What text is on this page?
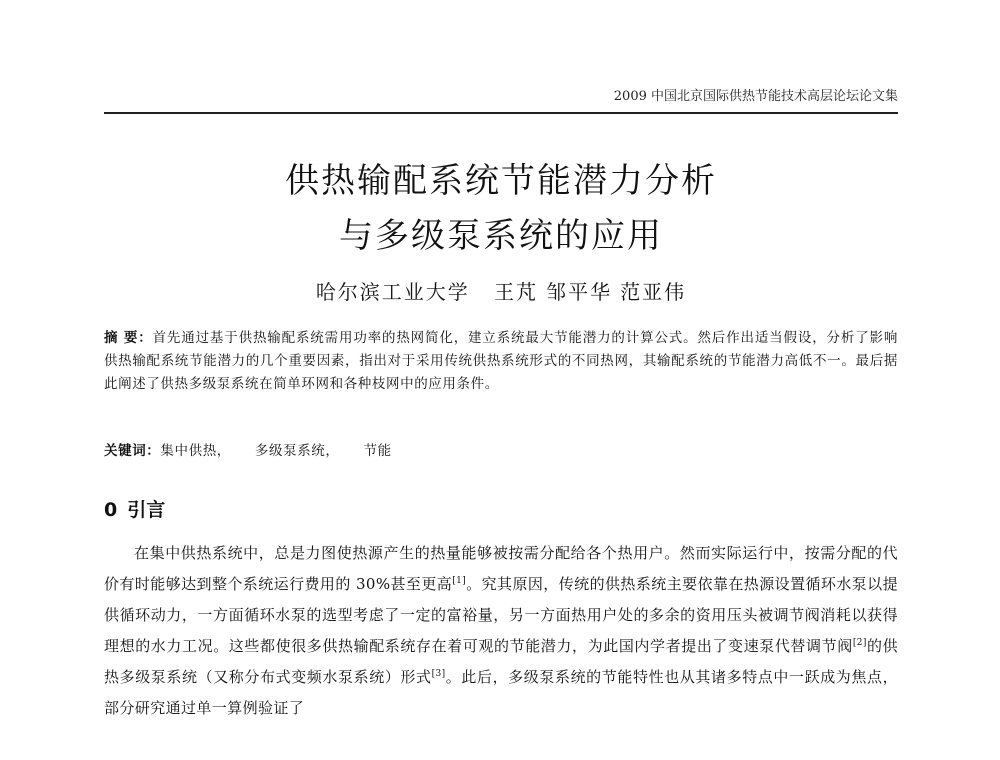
2009 中国北京国际供热节能技术高层论坛论文集
供热输配系统节能潜力分析
与多级泵系统的应用
哈尔滨工业大学 王芃 邹平华 范亚伟
摘 要：首先通过基于供热输配系统需用功率的热网简化，建立系统最大节能潜力的计算公式。然后作出适当假设，分析了影响供热输配系统节能潜力的几个重要因素，指出对于采用传统供热系统形式的不同热网，其输配系统的节能潜力高低不一。最后据此阐述了供热多级泵系统在简单环网和各种枝网中的应用条件。
关键词：集中供热， 多级泵系统， 节能
0 引言

在集中供热系统中，总是力图使热源产生的热量能够被按需分配给各个热用户。然而实际运行中，按需分配的代价有时能够达到整个系统运行费用的 30%甚至更高[1]。究其原因，传统的供热系统主要依靠在热源设置循环水泵以提供循环动力，一方面循环水泵的选型考虑了一定的富裕量，另一方面热用户处的多余的资用压头被调节阀消耗以获得理想的水力工况。这些都使很多供热输配系统存在着可观的节能潜力，为此国内学者提出了变速泵代替调节阀[2]的供热多级泵系统（又称分布式变频水泵系统）形式[3]。此后，多级泵系统的节能特性也从其诸多特点中一跃成为焦点，部分研究通过单一算例验证了
